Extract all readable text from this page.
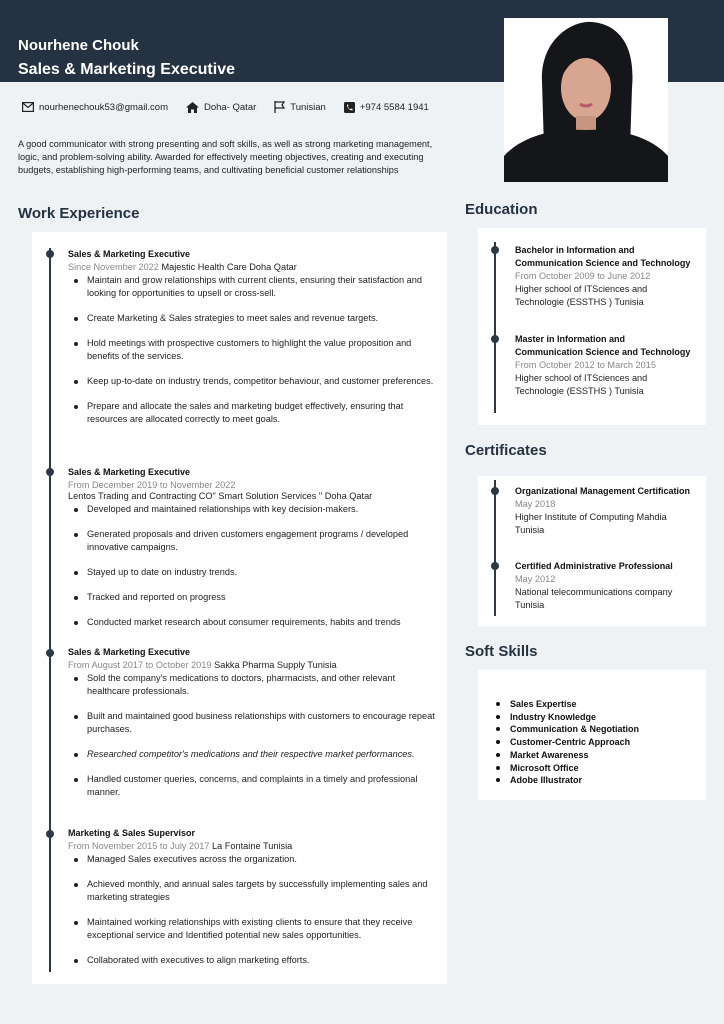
Nourhene Chouk
Sales & Marketing Executive
nourhenechouk53@gmail.com	Doha- Qatar	Tunisian	+974 5584 1941

A good communicator with strong presenting and soft skills, as well as strong marketing management, logic, and problem-solving ability. Awarded for effectively meeting objectives, creating and executing budgets, establishing high-performing teams, and cultivating beneficial customer relationships

Work Experience
Sales & Marketing Executive
Since November 2022 Majestic Health Care Doha Qatar
Maintain and grow relationships with current clients, ensuring their satisfaction and looking for opportunities to upsell or cross-sell.
Create Marketing & Sales strategies to meet sales and revenue targets.
Hold meetings with prospective customers to highlight the value proposition and benefits of the services.
Keep up-to-date on industry trends, competitor behaviour, and customer preferences.
Prepare and allocate the sales and marketing budget effectively, ensuring that resources are allocated correctly to meet goals.
Sales & Marketing Executive
From December 2019 to November 2022
Lentos Trading and Contracting CO" Smart Solution Services " Doha Qatar
Developed and maintained relationships with key decision-makers.
Generated proposals and driven customers engagement programs / developed innovative campaigns.
Stayed up to date on industry trends.
Tracked and reported on progress
Conducted market research about consumer requirements, habits and trends
Sales & Marketing Executive
From August 2017 to October 2019 Sakka Pharma Supply Tunisia
Sold the company's medications to doctors, pharmacists, and other relevant healthcare professionals.
Built and maintained good business relationships with customers to encourage repeat purchases.
Researched competitor's medications and their respective market performances.
Handled customer queries, concerns, and complaints in a timely and professional manner.
Marketing & Sales Supervisor
From November 2015 to July 2017 La Fontaine Tunisia
Managed Sales executives across the organization.
Achieved monthly, and annual sales targets by successfully implementing sales and marketing strategies
Maintained working relationships with existing clients to ensure that they receive exceptional service and Identified potential new sales opportunities.
Collaborated with executives to align marketing efforts.
Education
Bachelor in Information and Communication Science and Technology
From October 2009 to June 2012
Higher school of ITSciences and Technologie (ESSTHS ) Tunisia
Master in Information and Communication Science and Technology
From October 2012 to March 2015
Higher school of ITSciences and Technologie (ESSTHS ) Tunisia
Certificates
Organizational Management Certification
May 2018
Higher Institute of Computing Mahdia Tunisia
Certified Administrative Professional
May 2012
National telecommunications company Tunisia
Soft Skills
Sales Expertise
Industry Knowledge
Communication & Negotiation
Customer-Centric Approach
Market Awareness
Microsoft Office
Adobe Illustrator
